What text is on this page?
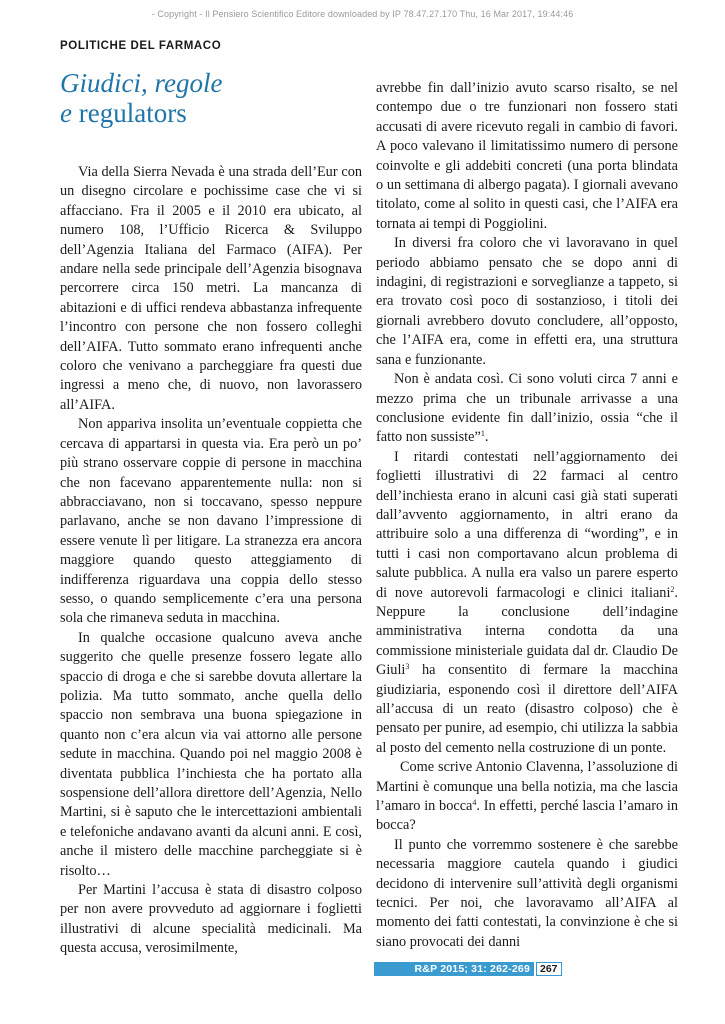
- Copyright - Il Pensiero Scientifico Editore downloaded by IP 78.47.27.170 Thu, 16 Mar 2017, 19:44:46
POLITICHE DEL FARMACO
Giudici, regole
e regulators

Via della Sierra Nevada è una strada dell’Eur con un disegno circolare e pochissime case che vi si affacciano. Fra il 2005 e il 2010 era ubicato, al numero 108, l’Ufficio Ricerca & Sviluppo dell’Agenzia Italiana del Farmaco (AIFA). Per andare nella sede principale dell’Agenzia bisognava percorrere circa 150 metri. La mancanza di abitazioni e di uffici rendeva abbastanza infrequente l’incontro con persone che non fossero colleghi dell’AIFA. Tutto sommato erano infrequenti anche coloro che venivano a parcheggiare fra questi due ingressi a meno che, di nuovo, non lavorassero all’AIFA.

Non appariva insolita un’eventuale coppietta che cercava di appartarsi in questa via. Era però un po’ più strano osservare coppie di persone in macchina che non facevano apparentemente nulla: non si abbracciavano, non si toccavano, spesso neppure parlavano, anche se non davano l’impressione di essere venute lì per litigare. La stranezza era ancora maggiore quando questo atteggiamento di indifferenza riguardava una coppia dello stesso sesso, o quando semplicemente c’era una persona sola che rimaneva seduta in macchina.

In qualche occasione qualcuno aveva anche suggerito che quelle presenze fossero legate allo spaccio di droga e che si sarebbe dovuta allertare la polizia. Ma tutto sommato, anche quella dello spaccio non sembrava una buona spiegazione in quanto non c’era alcun via vai attorno alle persone sedute in macchina. Quando poi nel maggio 2008 è diventata pubblica l’inchiesta che ha portato alla sospensione dell’allora direttore dell’Agenzia, Nello Martini, si è saputo che le intercettazioni ambientali e telefoniche andavano avanti da alcuni anni. E così, anche il mistero delle macchine parcheggiate si è risolto…

Per Martini l’accusa è stata di disastro colposo per non avere provveduto ad aggiornare i foglietti illustrativi di alcune specialità medicinali. Ma questa accusa, verosimilmente,

avrebbe fin dall’inizio avuto scarso risalto, se nel contempo due o tre funzionari non fossero stati accusati di avere ricevuto regali in cambio di favori. A poco valevano il limitatissimo numero di persone coinvolte e gli addebiti concreti (una porta blindata o un settimana di albergo pagata). I giornali avevano titolato, come al solito in questi casi, che l’AIFA era tornata ai tempi di Poggiolini.

In diversi fra coloro che vi lavoravano in quel periodo abbiamo pensato che se dopo anni di indagini, di registrazioni e sorveglianze a tappeto, si era trovato così poco di sostanzioso, i titoli dei giornali avrebbero dovuto concludere, all’opposto, che l’AIFA era, come in effetti era, una struttura sana e funzionante.

Non è andata così. Ci sono voluti circa 7 anni e mezzo prima che un tribunale arrivasse a una conclusione evidente fin dall’inizio, ossia “che il fatto non sussiste”$^1$.

I ritardi contestati nell’aggiornamento dei foglietti illustrativi di 22 farmaci al centro dell’inchiesta erano in alcuni casi già stati superati dall’avvento aggiornamento, in altri erano da attribuire solo a una differenza di “wording”, e in tutti i casi non comportavano alcun problema di salute pubblica. A nulla era valso un parere esperto di nove autorevoli farmacologi e clinici italiani$^2$. Neppure la conclusione dell’indagine amministrativa interna condotta da una commissione ministeriale guidata dal dr. Claudio De Giuli$^3$ ha consentito di fermare la macchina giudiziaria, esponendo così il direttore dell’AIFA all’accusa di un reato (disastro colposo) che è pensato per punire, ad esempio, chi utilizza la sabbia al posto del cemento nella costruzione di un ponte.

Come scrive Antonio Clavenna, l’assoluzione di Martini è comunque una bella notizia, ma che lascia l’amaro in bocca$^4$. In effetti, perché lascia l’amaro in bocca?

Il punto che vorremmo sostenere è che sarebbe necessaria maggiore cautela quando i giudici decidono di intervenire sull’attività degli organismi tecnici. Per noi, che lavoravamo all’AIFA al momento dei fatti contestati, la convinzione è che si siano provocati dei danni

R&P 2015; 31: 262-269 267
